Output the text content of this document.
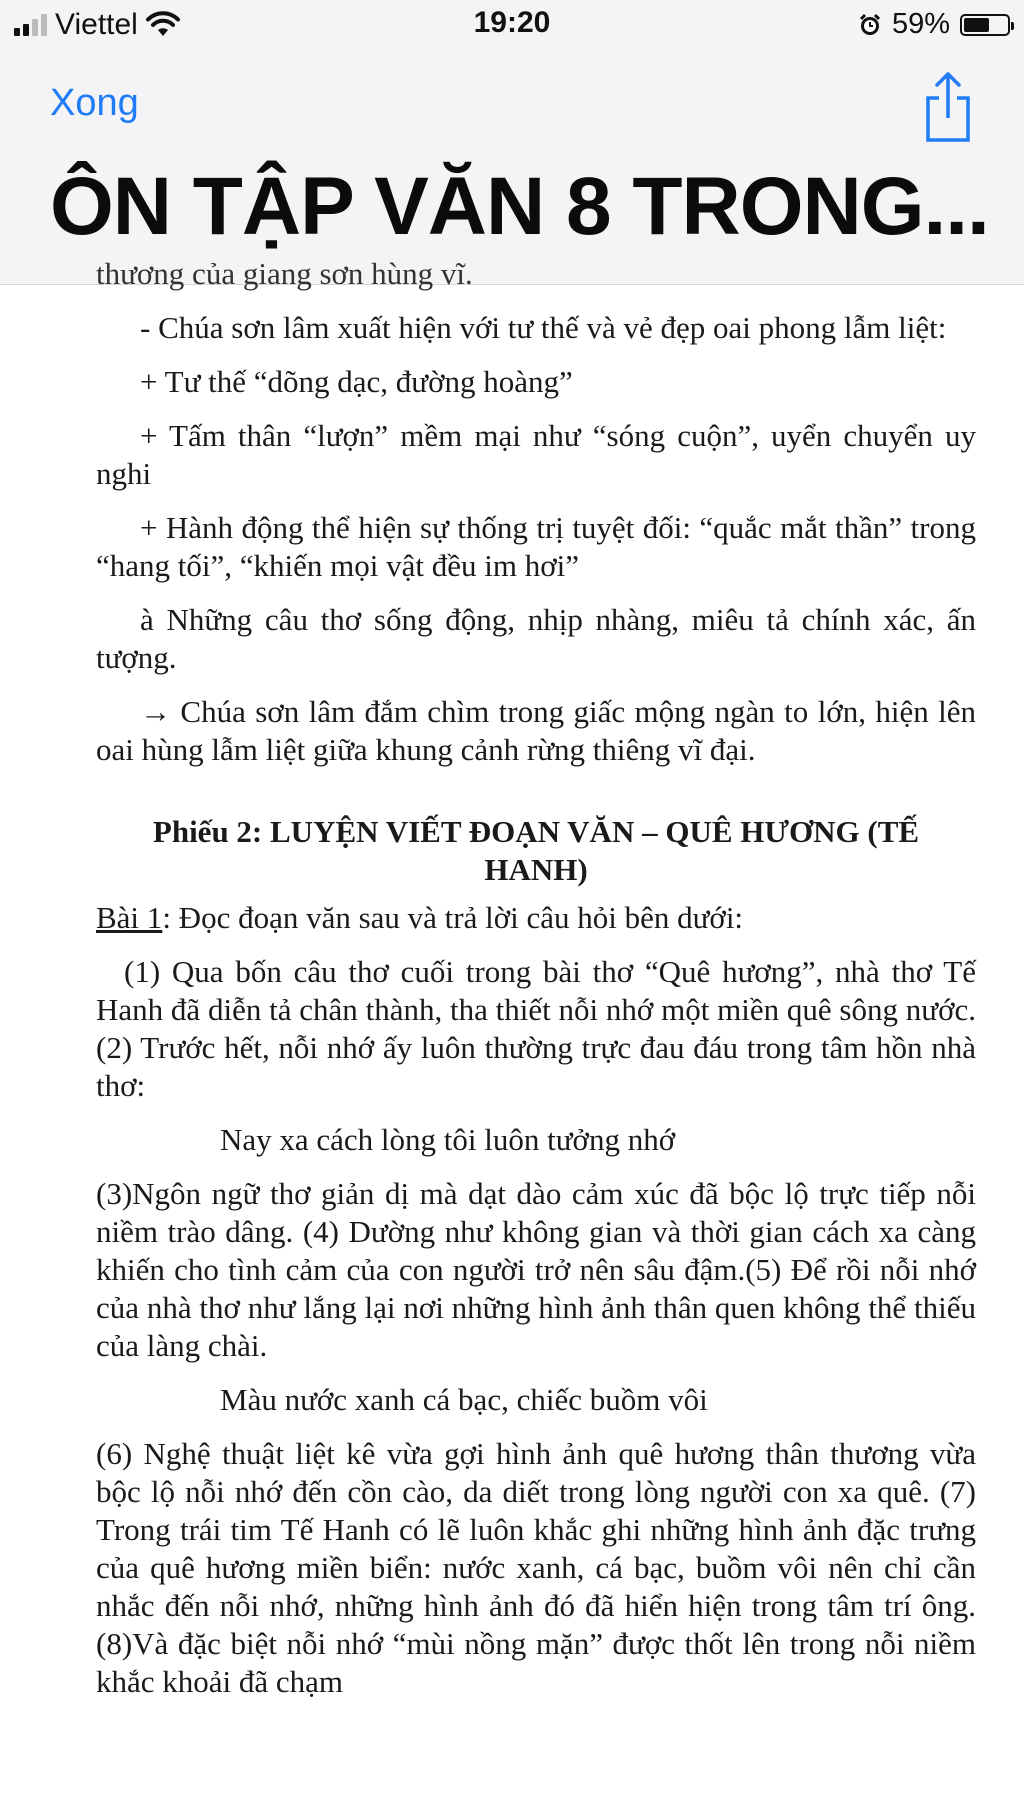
Viettel	19:20	59%
Xong
ÔN TẬP VĂN 8 TRONG...

thương của giang sơn hùng vĩ.

- Chúa sơn lâm xuất hiện với tư thế và vẻ đẹp oai phong lẫm liệt:

+ Tư thế “dõng dạc, đường hoàng”

+ Tấm thân “lượn” mềm mại như “sóng cuộn”, uyển chuyển uy nghi

+ Hành động thể hiện sự thống trị tuyệt đối: “quắc mắt thần” trong “hang tối”, “khiến mọi vật đều im hơi”

à Những câu thơ sống động, nhịp nhàng, miêu tả chính xác, ấn tượng.

→ Chúa sơn lâm đắm chìm trong giấc mộng ngàn to lớn, hiện lên oai hùng lẫm liệt giữa khung cảnh rừng thiêng vĩ đại.

Phiếu 2: LUYỆN VIẾT ĐOẠN VĂN – QUÊ HƯƠNG (TẾ HANH)

Bài 1: Đọc đoạn văn sau và trả lời câu hỏi bên dưới:

(1) Qua bốn câu thơ cuối trong bài thơ “Quê hương”, nhà thơ Tế Hanh đã diễn tả chân thành, tha thiết nỗi nhớ một miền quê sông nước. (2) Trước hết, nỗi nhớ ấy luôn thường trực đau đáu trong tâm hồn nhà thơ:

Nay xa cách lòng tôi luôn tưởng nhớ

(3)Ngôn ngữ thơ giản dị mà dạt dào cảm xúc đã bộc lộ trực tiếp nỗi niềm trào dâng. (4) Dường như không gian và thời gian cách xa càng khiến cho tình cảm của con người trở nên sâu đậm.(5) Để rồi nỗi nhớ của nhà thơ như lắng lại nơi những hình ảnh thân quen không thể thiếu của làng chài.

Màu nước xanh cá bạc, chiếc buồm vôi

(6) Nghệ thuật liệt kê vừa gợi hình ảnh quê hương thân thương vừa bộc lộ nỗi nhớ đến cồn cào, da diết trong lòng người con xa quê. (7) Trong trái tim Tế Hanh có lẽ luôn khắc ghi những hình ảnh đặc trưng của quê hương miền biển: nước xanh, cá bạc, buồm vôi nên chỉ cần nhắc đến nỗi nhớ, những hình ảnh đó đã hiển hiện trong tâm trí ông. (8)Và đặc biệt nỗi nhớ “mùi nồng mặn” được thốt lên trong nỗi niềm khắc khoải đã chạm
